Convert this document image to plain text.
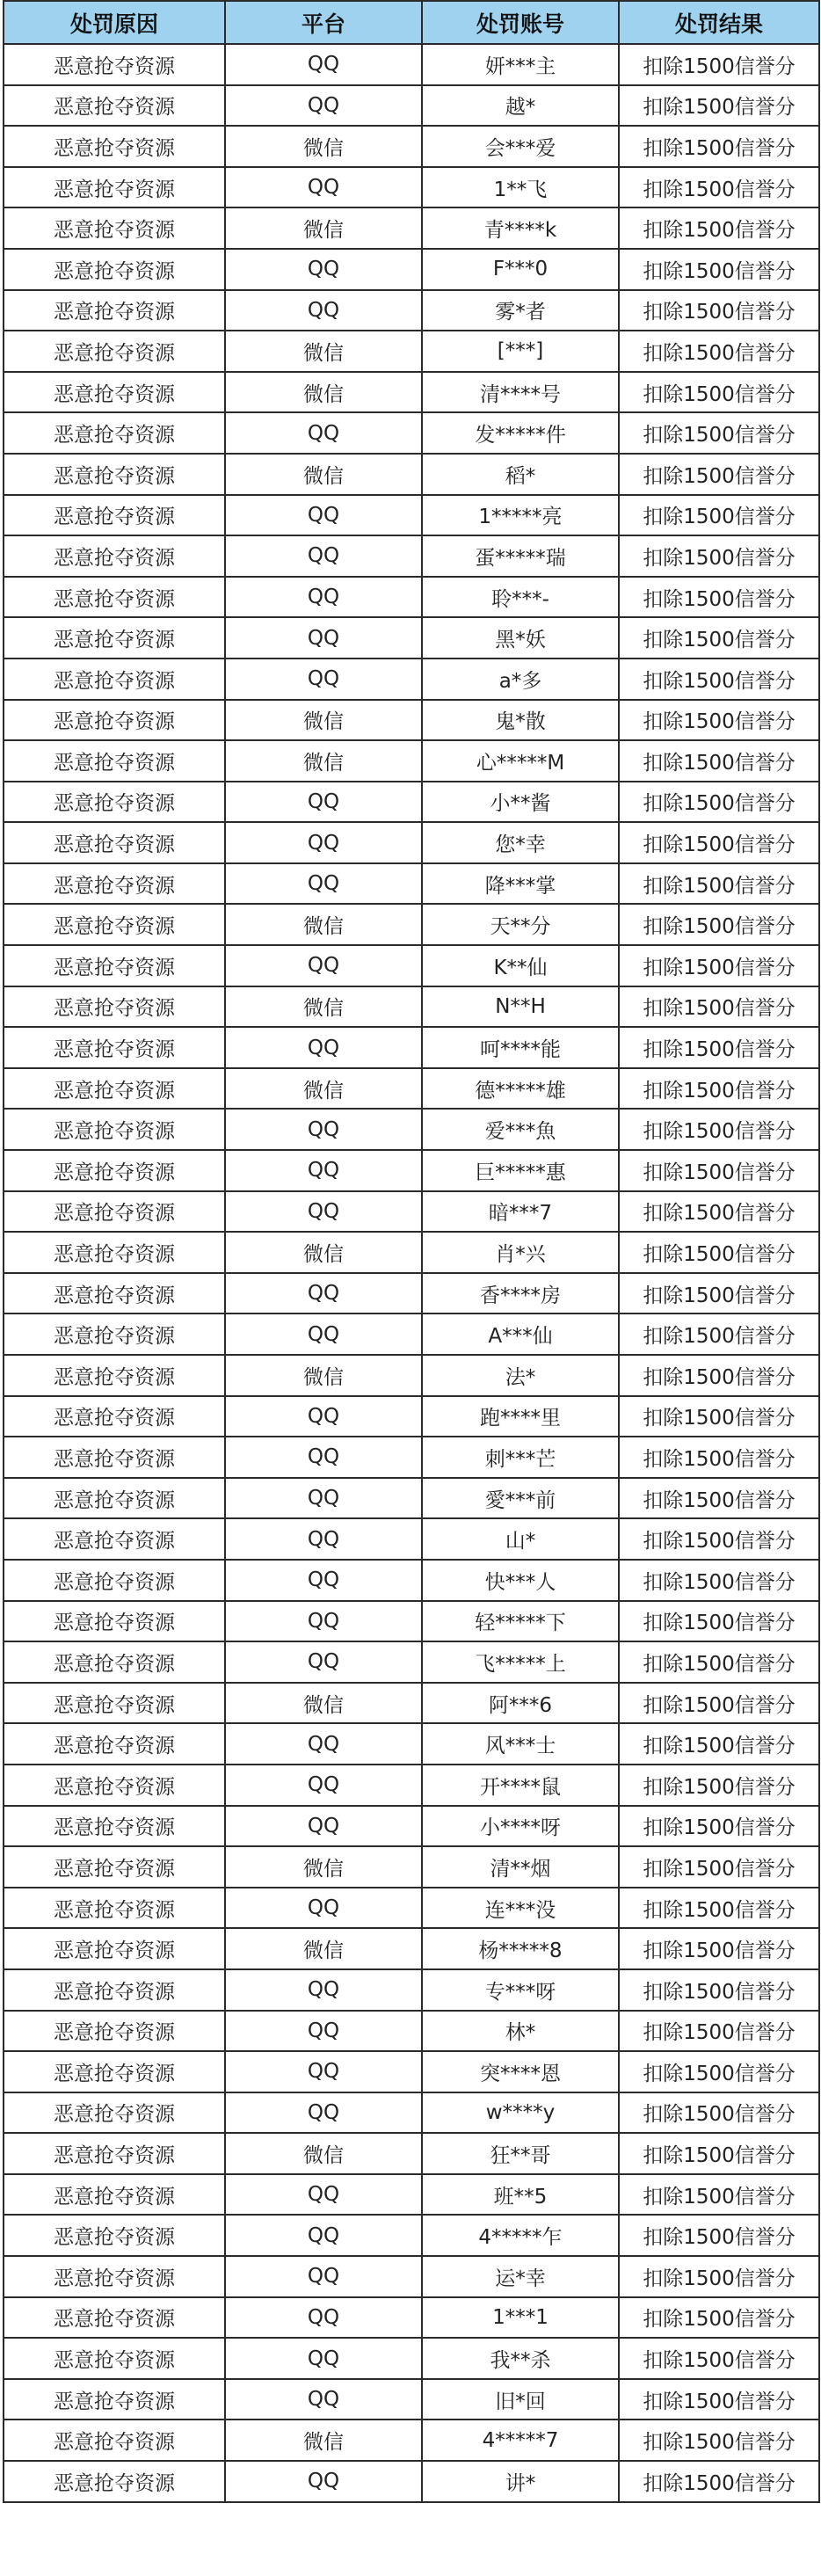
处罚原因	平台	处罚账号	处罚结果
恶意抢夺资源	QQ	妍***主	扣除1500信誉分
恶意抢夺资源	QQ	越*	扣除1500信誉分
恶意抢夺资源	微信	会***爱	扣除1500信誉分
恶意抢夺资源	QQ	1**飞	扣除1500信誉分
恶意抢夺资源	微信	青****k	扣除1500信誉分
恶意抢夺资源	QQ	F***0	扣除1500信誉分
恶意抢夺资源	QQ	雾*者	扣除1500信誉分
恶意抢夺资源	微信	[***]	扣除1500信誉分
恶意抢夺资源	微信	清****号	扣除1500信誉分
恶意抢夺资源	QQ	发*****件	扣除1500信誉分
恶意抢夺资源	微信	稻*	扣除1500信誉分
恶意抢夺资源	QQ	1*****亮	扣除1500信誉分
恶意抢夺资源	QQ	蛋*****瑞	扣除1500信誉分
恶意抢夺资源	QQ	聆***-	扣除1500信誉分
恶意抢夺资源	QQ	黑*妖	扣除1500信誉分
恶意抢夺资源	QQ	a*多	扣除1500信誉分
恶意抢夺资源	微信	鬼*散	扣除1500信誉分
恶意抢夺资源	微信	心*****M	扣除1500信誉分
恶意抢夺资源	QQ	小**酱	扣除1500信誉分
恶意抢夺资源	QQ	您*幸	扣除1500信誉分
恶意抢夺资源	QQ	降***掌	扣除1500信誉分
恶意抢夺资源	微信	天**分	扣除1500信誉分
恶意抢夺资源	QQ	K**仙	扣除1500信誉分
恶意抢夺资源	微信	N**H	扣除1500信誉分
恶意抢夺资源	QQ	呵****能	扣除1500信誉分
恶意抢夺资源	微信	德*****雄	扣除1500信誉分
恶意抢夺资源	QQ	爱***魚	扣除1500信誉分
恶意抢夺资源	QQ	巨*****惠	扣除1500信誉分
恶意抢夺资源	QQ	暗***7	扣除1500信誉分
恶意抢夺资源	微信	肖*兴	扣除1500信誉分
恶意抢夺资源	QQ	香****房	扣除1500信誉分
恶意抢夺资源	QQ	A***仙	扣除1500信誉分
恶意抢夺资源	微信	法*	扣除1500信誉分
恶意抢夺资源	QQ	跑****里	扣除1500信誉分
恶意抢夺资源	QQ	刺***芒	扣除1500信誉分
恶意抢夺资源	QQ	愛***前	扣除1500信誉分
恶意抢夺资源	QQ	山*	扣除1500信誉分
恶意抢夺资源	QQ	快***人	扣除1500信誉分
恶意抢夺资源	QQ	轻*****下	扣除1500信誉分
恶意抢夺资源	QQ	飞*****上	扣除1500信誉分
恶意抢夺资源	微信	阿***6	扣除1500信誉分
恶意抢夺资源	QQ	风***士	扣除1500信誉分
恶意抢夺资源	QQ	开****鼠	扣除1500信誉分
恶意抢夺资源	QQ	小****呀	扣除1500信誉分
恶意抢夺资源	微信	清**烟	扣除1500信誉分
恶意抢夺资源	QQ	连***没	扣除1500信誉分
恶意抢夺资源	微信	杨*****8	扣除1500信誉分
恶意抢夺资源	QQ	专***呀	扣除1500信誉分
恶意抢夺资源	QQ	林*	扣除1500信誉分
恶意抢夺资源	QQ	突****恩	扣除1500信誉分
恶意抢夺资源	QQ	w****y	扣除1500信誉分
恶意抢夺资源	微信	狂**哥	扣除1500信誉分
恶意抢夺资源	QQ	班**5	扣除1500信誉分
恶意抢夺资源	QQ	4*****乍	扣除1500信誉分
恶意抢夺资源	QQ	运*幸	扣除1500信誉分
恶意抢夺资源	QQ	1***1	扣除1500信誉分
恶意抢夺资源	QQ	我**杀	扣除1500信誉分
恶意抢夺资源	QQ	旧*回	扣除1500信誉分
恶意抢夺资源	微信	4*****7	扣除1500信誉分
恶意抢夺资源	QQ	讲*	扣除1500信誉分
